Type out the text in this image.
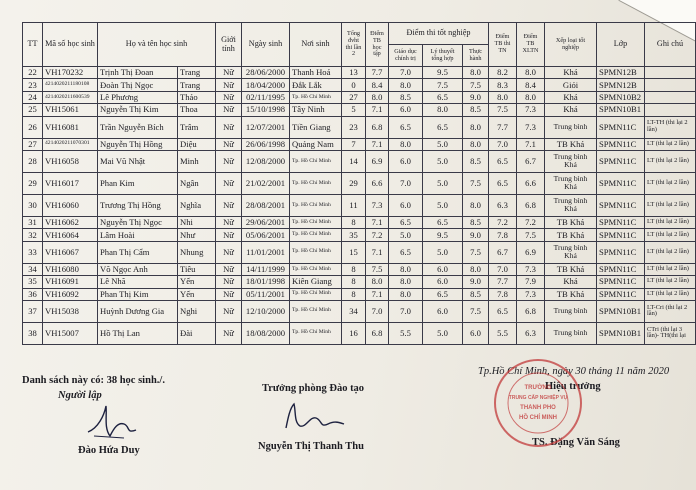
TT	Mã số học sinh	Họ và tên học sinh		Giới tính	Ngày sinh	Nơi sinh	Tổng đvht thi lần 2	Điểm TB học tập	Điểm thi tốt nghiệp			Điểm TB thi TN	Điểm TB XLTN	Xếp loại tốt nghiệp	Lớp	Ghi chú
									Giáo dục chính trị	Lý thuyết tổng hợp	Thực hành					
22	VH170232	Trịnh Thị Đoan	Trang	Nữ	28/06/2000	Thanh Hoá	13	7.7	7.0	9.5	8.0	8.2	8.0	Khá	SPMN12B	
23	4214020211180108	Đoàn Thị Ngọc	Trang	Nữ	18/04/2000	Đắk Lắk	0	8.4	8.0	7.5	7.5	8.3	8.4	Giỏi	SPMN12B	
24	4214020211600539	Lê Phương	Thảo	Nữ	02/11/1995	Tp. Hồ Chí Minh	27	8.0	8.5	6.5	9.0	8.0	8.0	Khá	SPMN10B2	
25	VH15061	Nguyễn Thị Kim	Thoa	Nữ	15/10/1998	Tây Ninh	5	7.1	6.0	8.0	8.5	7.5	7.3	Khá	SPMN10B1	
26	VH16081	Trần Nguyễn Bích	Trâm	Nữ	12/07/2001	Tiền Giang	23	6.8	6.5	6.5	8.0	7.7	7.3	Trung bình	SPMN11C	LT-TH (thi lại 2 lần)
27	4214020211070301	Nguyễn Thị Hồng	Diệu	Nữ	26/06/1998	Quảng Nam	7	7.1	8.0	5.0	8.0	7.0	7.1	TB Khá	SPMN11C	LT (thi lại 2 lần)
28	VH16058	Mai Vũ Nhật	Minh	Nữ	12/08/2000	Tp. Hồ Chí Minh	14	6.9	6.0	5.0	8.5	6.5	6.7	Trung bình Khá	SPMN11C	LT (thi lại 2 lần)
29	VH16017	Phan Kim	Ngân	Nữ	21/02/2001	Tp. Hồ Chí Minh	29	6.6	7.0	5.0	7.5	6.5	6.6	Trung bình Khá	SPMN11C	LT (thi lại 2 lần)
30	VH16060	Trương Thị Hồng	Nghĩa	Nữ	28/08/2001	Tp. Hồ Chí Minh	11	7.3	6.0	5.0	8.0	6.3	6.8	Trung bình Khá	SPMN11C	LT (thi lại 2 lần)
31	VH16062	Nguyễn Thị Ngọc	Nhi	Nữ	29/06/2001	Tp. Hồ Chí Minh	8	7.1	6.5	6.5	8.5	7.2	7.2	TB Khá	SPMN11C	LT (thi lại 2 lần)
32	VH16064	Lâm Hoài	Như	Nữ	05/06/2001	Tp. Hồ Chí Minh	35	7.2	5.0	9.5	9.0	7.8	7.5	TB Khá	SPMN11C	LT (thi lại 2 lần)
33	VH16067	Phan Thị Cẩm	Nhung	Nữ	11/01/2001	Tp. Hồ Chí Minh	15	7.1	6.5	5.0	7.5	6.7	6.9	Trung bình Khá	SPMN11C	LT (thi lại 2 lần)
34	VH16080	Võ Ngọc Anh	Tiêu	Nữ	14/11/1999	Tp. Hồ Chí Minh	8	7.5	8.0	6.0	8.0	7.0	7.3	TB Khá	SPMN11C	LT (thi lại 2 lần)
35	VH16091	Lê Nhã	Yến	Nữ	18/01/1998	Kiên Giang	8	8.0	8.0	6.0	9.0	7.7	7.9	Khá	SPMN11C	LT (thi lại 2 lần)
36	VH16092	Phan Thị Kim	Yến	Nữ	05/11/2001	Tp. Hồ Chí Minh	8	7.1	8.0	6.5	8.5	7.8	7.3	TB Khá	SPMN11C	LT (thi lại 2 lần)
37	VH15038	Huỳnh Dương Gia	Nghi	Nữ	12/10/2000	Tp. Hồ Chí Minh	34	7.0	7.0	6.0	7.5	6.5	6.8	Trung bình	SPMN10B1	LT-Cri (thi lại 2 lần)
38	VH15007	Hồ Thị Lan	Đài	Nữ	18/08/2000	Tp. Hồ Chí Minh	16	6.8	5.5	5.0	6.0	5.5	6.3	Trung bình	SPMN10B1	CTri (thi lại 3 lần)- TH(thi lại
Danh sách này có: 38 học sinh./.
Người lập
Trưởng phòng Đào tạo
Tp.Hồ Chí Minh, ngày 30 tháng 11 năm 2020
Hiệu trưởng
Đào Hứa Duy	Nguyễn Thị Thanh Thu	TS. Đặng Văn Sáng
TRƯỜNG
TRUNG CẤP NGHIỆP VỤ
THÀNH PHỐ
HỒ CHÍ MINH
